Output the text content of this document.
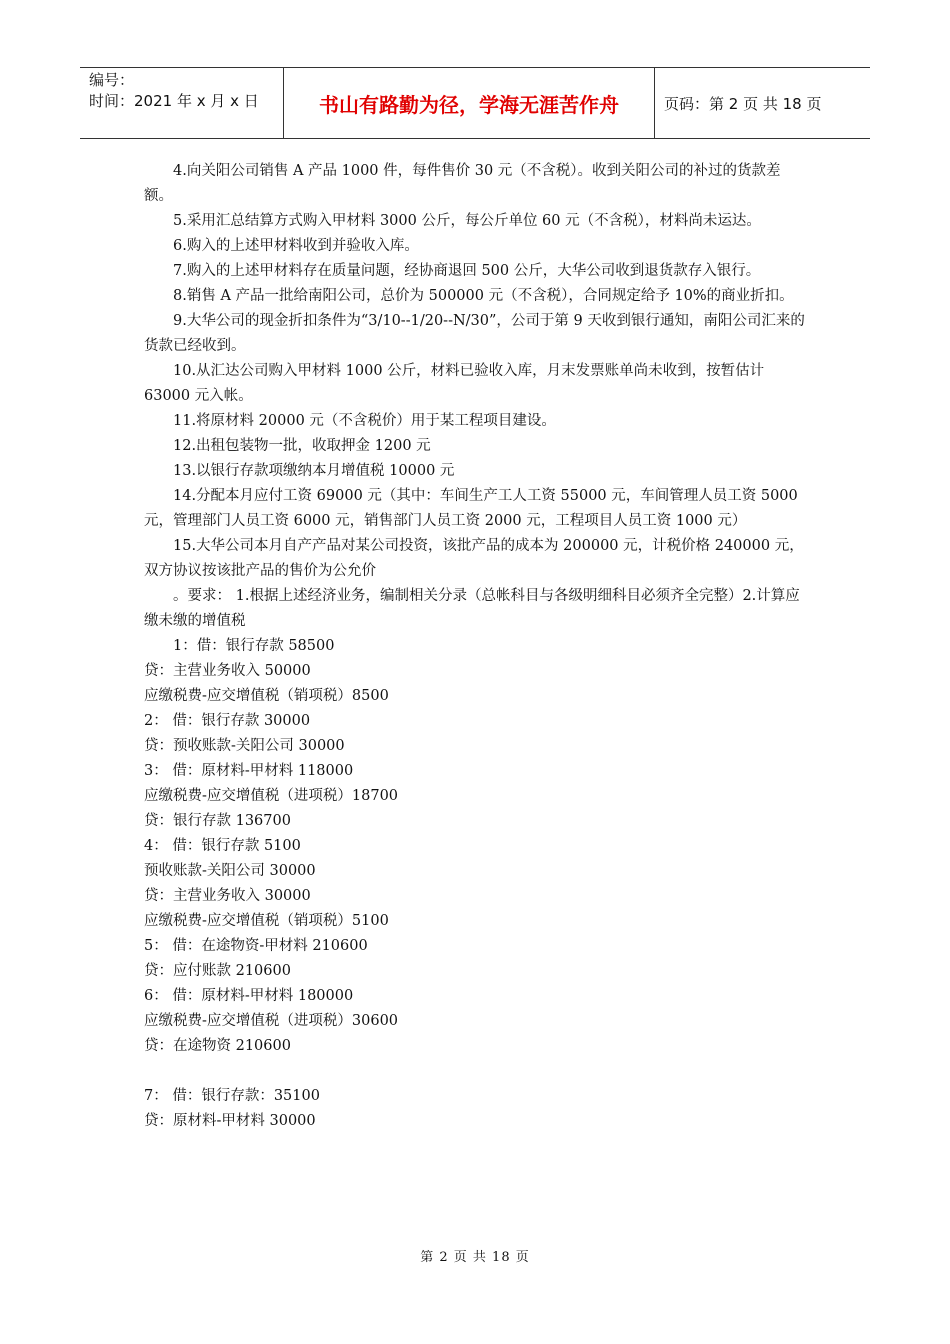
编号：
时间：2021 年 x 月 x 日	书山有路勤为径，学海无涯苦作舟	页码：第 2 页 共 18 页

4.向关阳公司销售 A 产品 1000 件，每件售价 30 元（不含税）。收到关阳公司的补过的货款差额。

5.采用汇总结算方式购入甲材料 3000 公斤，每公斤单位 60 元（不含税），材料尚未运达。

6.购入的上述甲材料收到并验收入库。

7.购入的上述甲材料存在质量问题，经协商退回 500 公斤，大华公司收到退货款存入银行。

8.销售 A 产品一批给南阳公司，总价为 500000 元（不含税），合同规定给予 10%的商业折扣。

9.大华公司的现金折扣条件为“3/10--1/20--N/30”，公司于第 9 天收到银行通知，南阳公司汇来的货款已经收到。

10.从汇达公司购入甲材料 1000 公斤，材料已验收入库，月末发票账单尚未收到，按暂估计 63000 元入帐。

11.将原材料 20000 元（不含税价）用于某工程项目建设。

12.出租包装物一批，收取押金 1200 元

13.以银行存款项缴纳本月增值税 10000 元

14.分配本月应付工资 69000 元（其中：车间生产工人工资 55000 元，车间管理人员工资 5000 元，管理部门人员工资 6000 元，销售部门人员工资 2000 元，工程项目人员工资 1000 元）

15.大华公司本月自产产品对某公司投资，该批产品的成本为 200000 元，计税价格 240000 元，双方协议按该批产品的售价为公允价

。要求： 1.根据上述经济业务，编制相关分录（总帐科目与各级明细科目必须齐全完整）2.计算应缴未缴的增值税

1：借：银行存款 58500

贷：主营业务收入 50000

应缴税费-应交增值税（销项税）8500

2： 借：银行存款 30000

贷：预收账款-关阳公司 30000

3： 借：原材料-甲材料 118000

应缴税费-应交增值税（进项税）18700

贷：银行存款 136700

4： 借：银行存款 5100

预收账款-关阳公司 30000

贷：主营业务收入 30000

应缴税费-应交增值税（销项税）5100

5： 借：在途物资-甲材料 210600

贷：应付账款 210600

6： 借：原材料-甲材料 180000

应缴税费-应交增值税（进项税）30600

贷：在途物资 210600

7： 借：银行存款：35100

贷：原材料-甲材料 30000

第 2 页 共 18 页
